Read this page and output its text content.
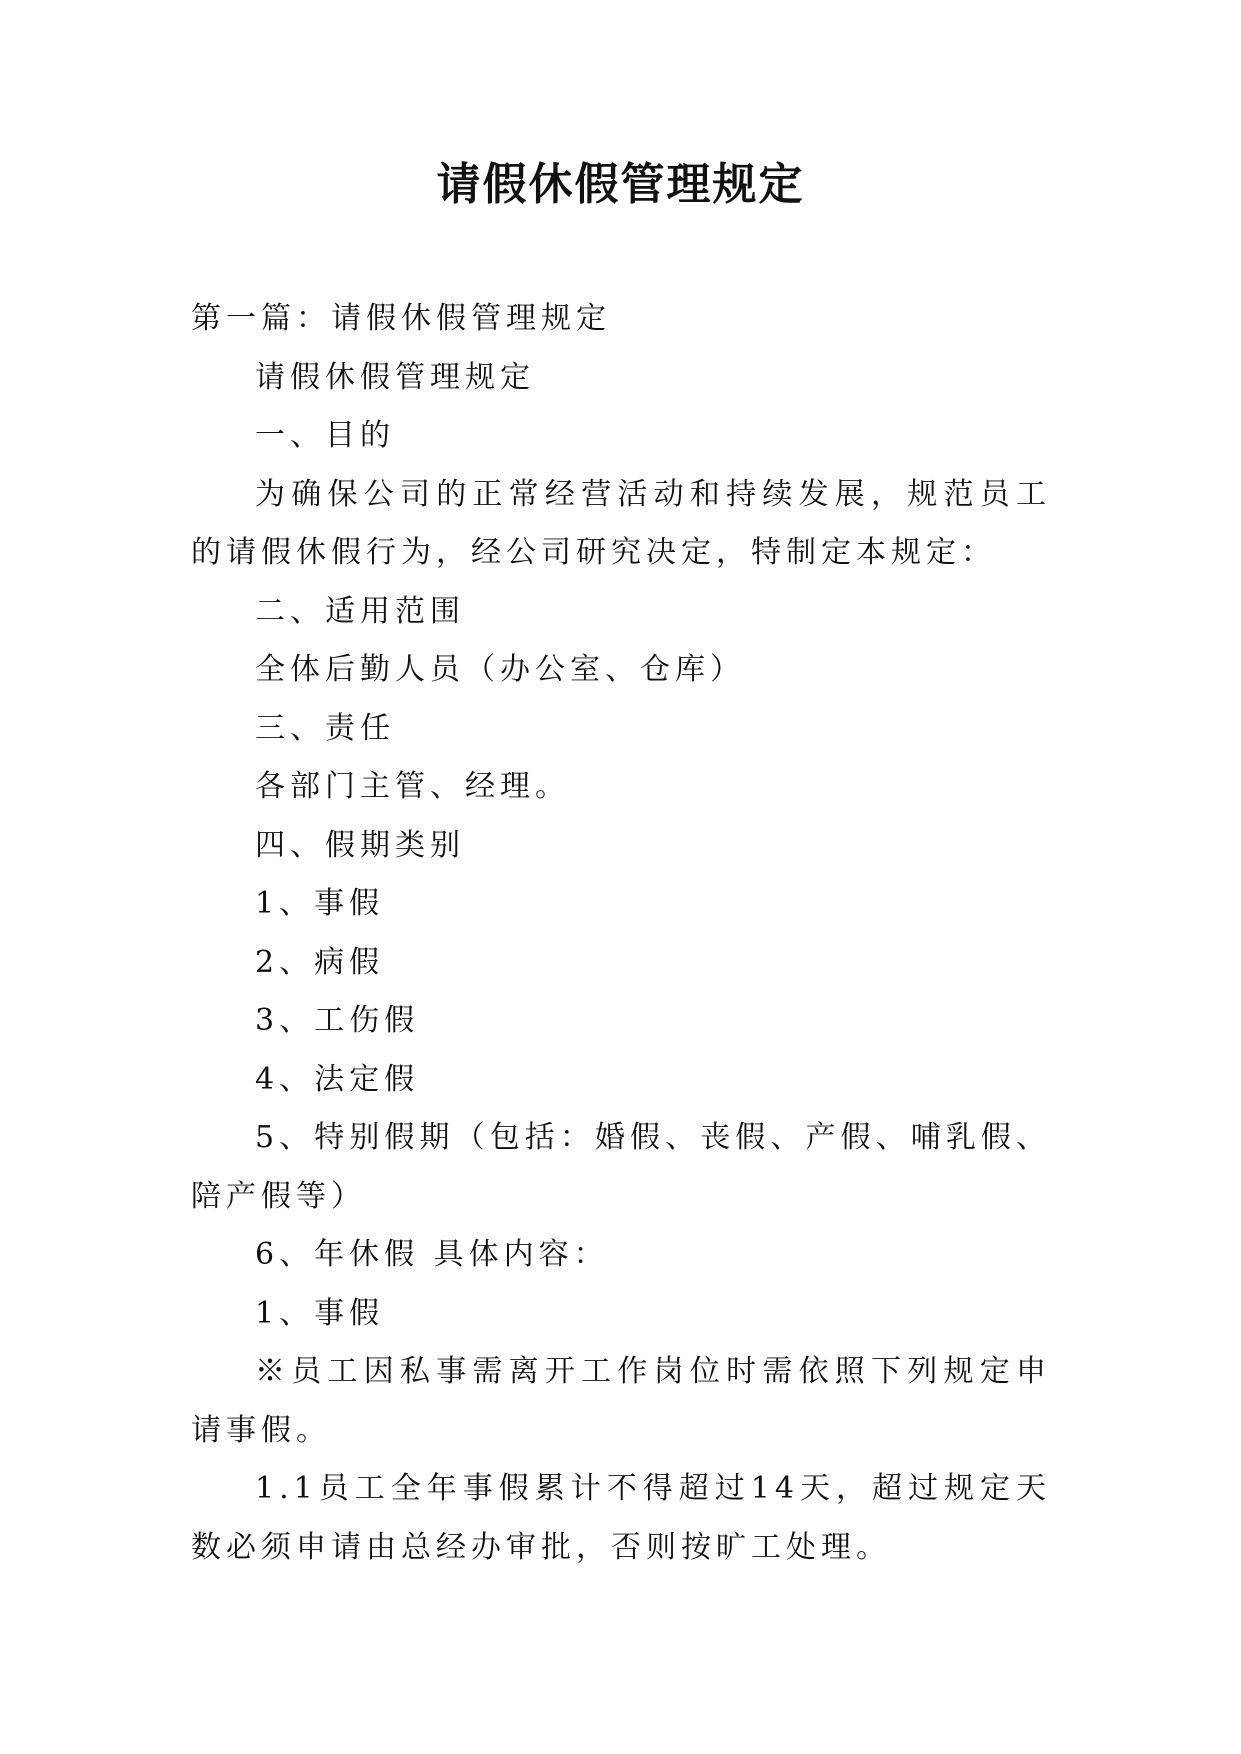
请假休假管理规定

第一篇：请假休假管理规定

请假休假管理规定

一、目的

为确保公司的正常经营活动和持续发展，规范员工的请假休假行为，经公司研究决定，特制定本规定：

二、适用范围

全体后勤人员（办公室、仓库）

三、责任

各部门主管、经理。

四、假期类别

1、事假

2、病假

3、工伤假

4、法定假

5、特别假期（包括：婚假、丧假、产假、哺乳假、陪产假等）

6、年休假 具体内容：

1、事假

※员工因私事需离开工作岗位时需依照下列规定申请事假。

1.1员工全年事假累计不得超过14天，超过规定天数必须申请由总经办审批，否则按旷工处理。
